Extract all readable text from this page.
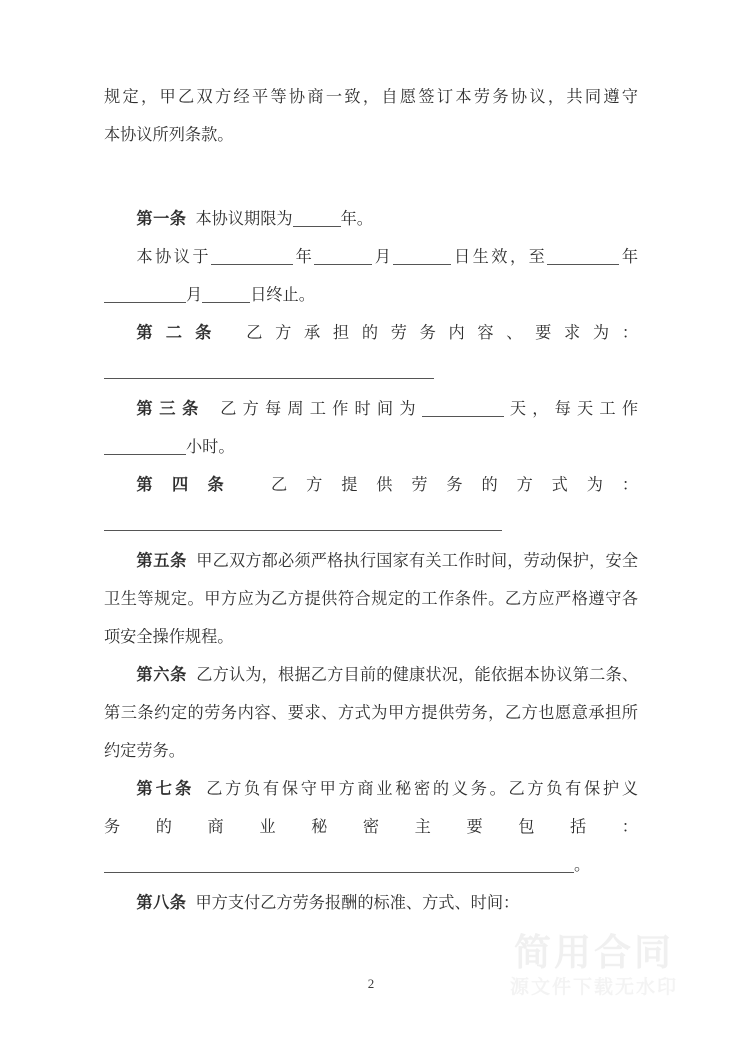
规定，甲乙双方经平等协商一致，自愿签订本劳务协议，共同遵守

本协议所列条款。

第一条 本协议期限为	年。

本协议于	年	月	日生效，至	年

月	日终止。

第二条 乙方承担的劳务内容、要求为：

第三条 乙方每周工作时间为	天，每天工作

小时。

第四条 乙方提供劳务的方式为：

第五条 甲乙双方都必须严格执行国家有关工作时间，劳动保护，安全卫生等规定。甲方应为乙方提供符合规定的工作条件。乙方应严格遵守各项安全操作规程。

第六条 乙方认为，根据乙方目前的健康状况，能依据本协议第二条、第三条约定的劳务内容、要求、方式为甲方提供劳务，乙方也愿意承担所约定劳务。

第七条 乙方负有保守甲方商业秘密的义务。乙方负有保护义

务的商业秘密主要包括：

。

第八条 甲方支付乙方劳务报酬的标准、方式、时间：

简用合同
源文件下载无水印
2
